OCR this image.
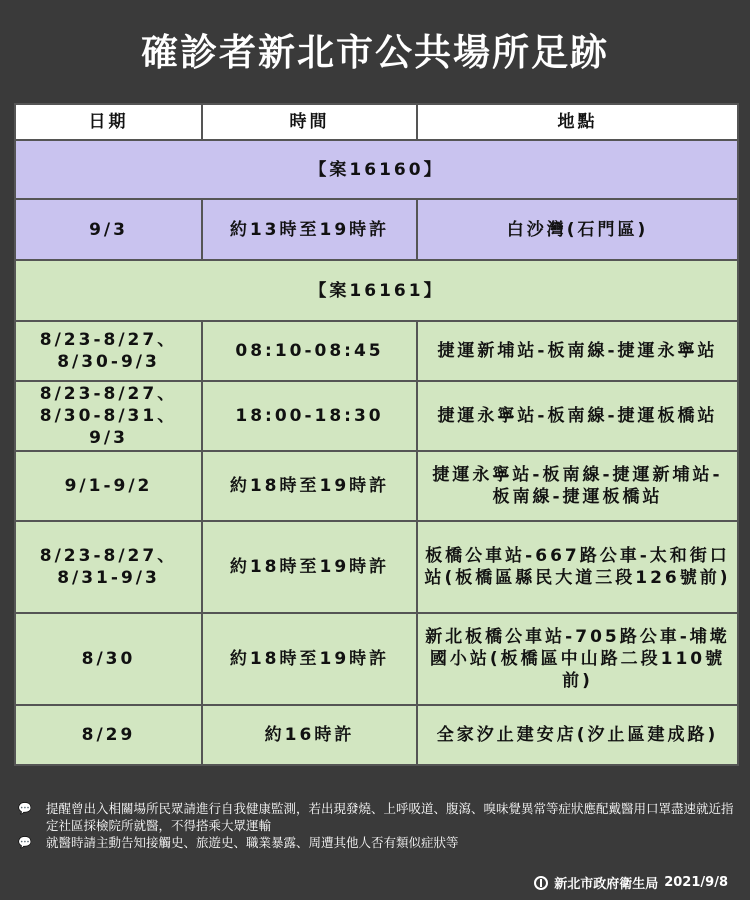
確診者新北市公共場所足跡
日期	時間	地點
【案16160】		
9/3	約13時至19時許	白沙灣(石門區)
【案16161】		
8/23-8/27、8/30-9/3	08:10-08:45	捷運新埔站-板南線-捷運永寧站
8/23-8/27、8/30-8/31、9/3	18:00-18:30	捷運永寧站-板南線-捷運板橋站
9/1-9/2	約18時至19時許	捷運永寧站-板南線-捷運新埔站-板南線-捷運板橋站
8/23-8/27、8/31-9/3	約18時至19時許	板橋公車站-667路公車-太和街口站(板橋區縣民大道三段126號前)
8/30	約18時至19時許	新北板橋公車站-705路公車-埔墘國小站(板橋區中山路二段110號前)
8/29	約16時許	全家汐止建安店(汐止區建成路)
💬	提醒曾出入相關場所民眾請進行自我健康監測，若出現發燒、上呼吸道、腹瀉、嗅味覺異常等症狀應配戴醫用口罩盡速就近指定社區採檢院所就醫，不得搭乘大眾運輸
💬	就醫時請主動告知接觸史、旅遊史、職業暴露、周遭其他人否有類似症狀等
新北市政府衛生局 2021/9/8
